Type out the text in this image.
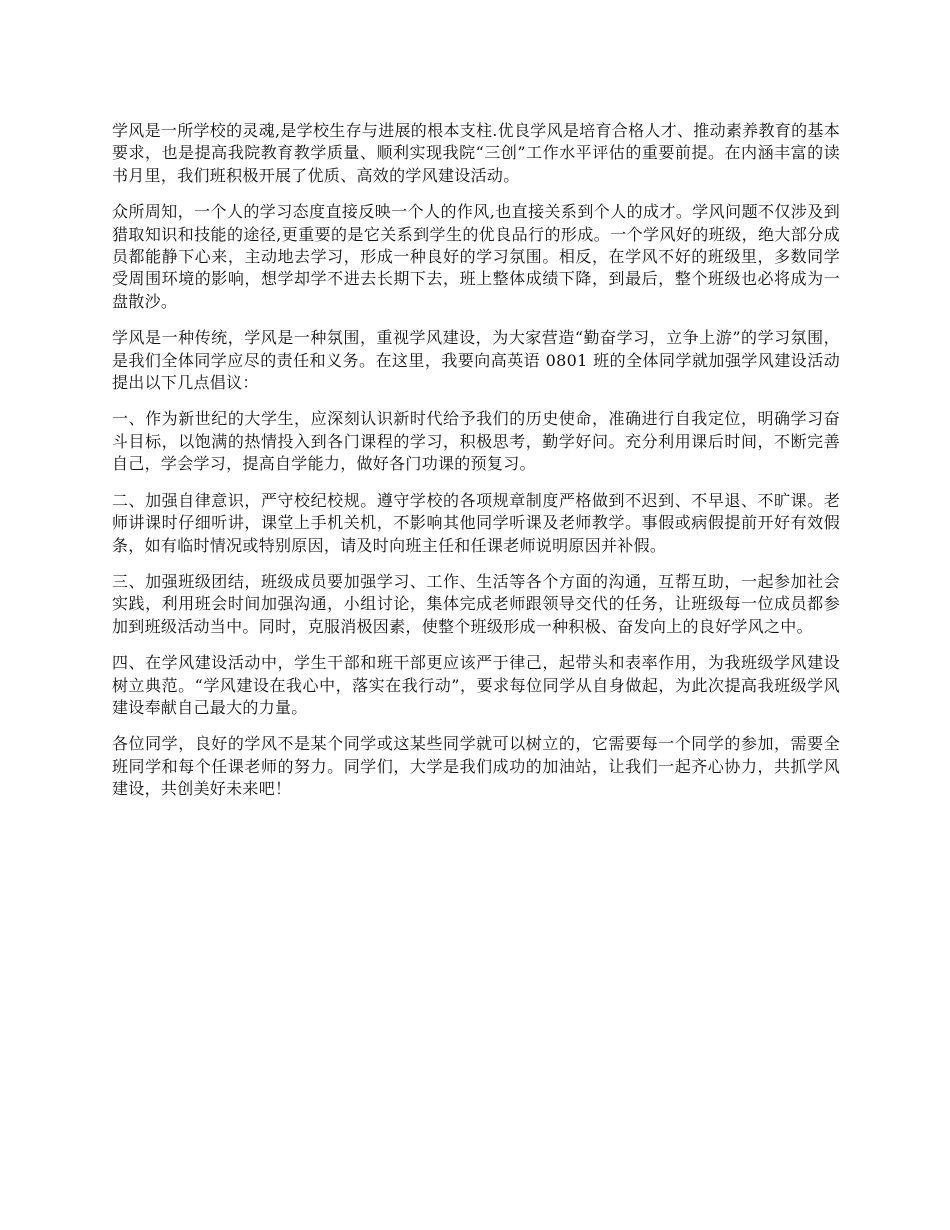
学风是一所学校的灵魂,是学校生存与进展的根本支柱.优良学风是培育合格人才、推动素养教育的基本要求，也是提高我院教育教学质量、顺利实现我院“三创”工作水平评估的重要前提。在内涵丰富的读书月里，我们班积极开展了优质、高效的学风建设活动。

众所周知，一个人的学习态度直接反映一个人的作风,也直接关系到个人的成才。学风问题不仅涉及到猎取知识和技能的途径,更重要的是它关系到学生的优良品行的形成。一个学风好的班级，绝大部分成员都能静下心来，主动地去学习，形成一种良好的学习氛围。相反，在学风不好的班级里，多数同学受周围环境的影响，想学却学不进去长期下去，班上整体成绩下降，到最后，整个班级也必将成为一盘散沙。

学风是一种传统，学风是一种氛围，重视学风建设，为大家营造“勤奋学习，立争上游”的学习氛围，是我们全体同学应尽的责任和义务。在这里，我要向高英语 0801 班的全体同学就加强学风建设活动提出以下几点倡议：

一、作为新世纪的大学生，应深刻认识新时代给予我们的历史使命，准确进行自我定位，明确学习奋斗目标，以饱满的热情投入到各门课程的学习，积极思考，勤学好问。充分利用课后时间，不断完善自己，学会学习，提高自学能力，做好各门功课的预复习。

二、加强自律意识，严守校纪校规。遵守学校的各项规章制度严格做到不迟到、不早退、不旷课。老师讲课时仔细听讲，课堂上手机关机，不影响其他同学听课及老师教学。事假或病假提前开好有效假条，如有临时情况或特别原因，请及时向班主任和任课老师说明原因并补假。

三、加强班级团结，班级成员要加强学习、工作、生活等各个方面的沟通，互帮互助，一起参加社会实践，利用班会时间加强沟通，小组讨论，集体完成老师跟领导交代的任务，让班级每一位成员都参加到班级活动当中。同时，克服消极因素，使整个班级形成一种积极、奋发向上的良好学风之中。

四、在学风建设活动中，学生干部和班干部更应该严于律己，起带头和表率作用，为我班级学风建设树立典范。“学风建设在我心中，落实在我行动”，要求每位同学从自身做起，为此次提高我班级学风建设奉献自己最大的力量。

各位同学，良好的学风不是某个同学或这某些同学就可以树立的，它需要每一个同学的参加，需要全班同学和每个任课老师的努力。同学们，大学是我们成功的加油站，让我们一起齐心协力，共抓学风建设，共创美好未来吧！
